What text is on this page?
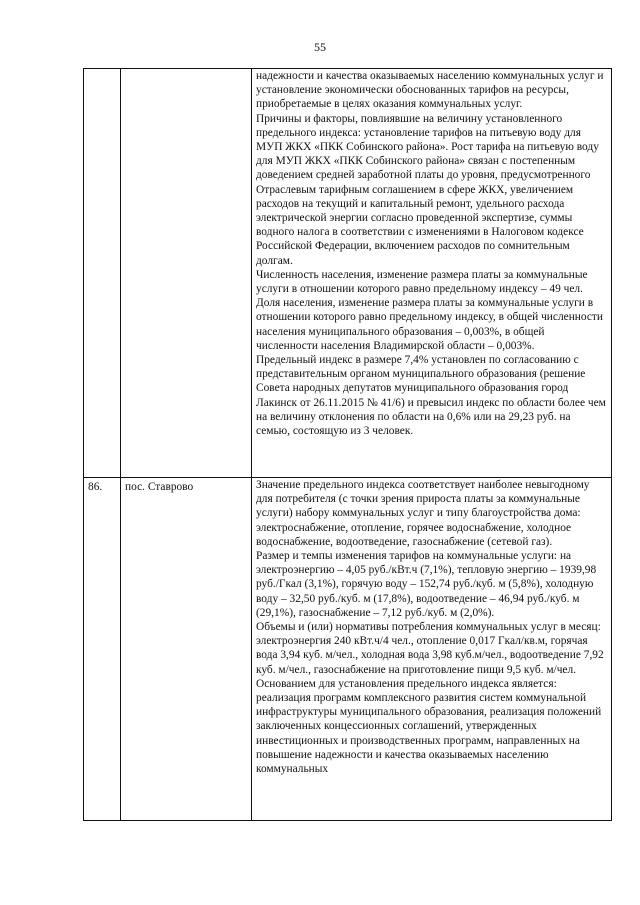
55

		надежности и качества оказываемых населению коммунальных услуг и установление экономически обоснованных тарифов на ресурсы, приобретаемые в целях оказания коммунальных услуг.

Причины и факторы, повлиявшие на величину установленного предельного индекса: установление тарифов на питьевую воду для МУП ЖКХ «ПКК Собинского района». Рост тарифа на питьевую воду для МУП ЖКХ «ПКК Собинского района» связан с постепенным доведением средней заработной платы до уровня, предусмотренного Отраслевым тарифным соглашением в сфере ЖКХ, увеличением расходов на текущий и капитальный ремонт, удельного расхода электрической энергии согласно проведенной экспертизе, суммы водного налога в соответствии с изменениями в Налоговом кодексе Российской Федерации, включением расходов по сомнительным долгам.

Численность населения, изменение размера платы за коммунальные услуги в отношении которого равно предельному индексу – 49 чел.

Доля населения, изменение размера платы за коммунальные услуги в отношении которого равно предельному индексу, в общей численности населения муниципального образования – 0,003%, в общей численности населения Владимирской области – 0,003%.

Предельный индекс в размере 7,4% установлен по согласованию с представительным органом муниципального образования (решение Совета народных депутатов муниципального образования город Лакинск от 26.11.2015 № 41/6) и превысил индекс по области более чем на величину отклонения по области на 0,6% или на 29,23 руб. на семью, состоящую из 3 человек.

86.	пос. Ставрово	Значение предельного индекса соответствует наиболее невыгодному для потребителя (с точки зрения прироста платы за коммунальные услуги) набору коммунальных услуг и типу благоустройства дома: электроснабжение, отопление, горячее водоснабжение, холодное водоснабжение, водоотведение, газоснабжение (сетевой газ).

Размер и темпы изменения тарифов на коммунальные услуги: на электроэнергию – 4,05 руб./кВт.ч (7,1%), тепловую энергию – 1939,98 руб./Гкал (3,1%), горячую воду – 152,74 руб./куб. м (5,8%), холодную воду – 32,50 руб./куб. м (17,8%), водоотведение – 46,94 руб./куб. м (29,1%), газоснабжение – 7,12 руб./куб. м (2,0%).

Объемы и (или) нормативы потребления коммунальных услуг в месяц: электроэнергия 240 кВт.ч/4 чел., отопление 0,017 Гкал/кв.м, горячая вода 3,94 куб. м/чел., холодная вода 3,98 куб.м/чел., водоотведение 7,92 куб. м/чел., газоснабжение на приготовление пищи 9,5 куб. м/чел.

Основанием для установления предельного индекса является: реализация программ комплексного развития систем коммунальной инфраструктуры муниципального образования, реализация положений заключенных концессионных соглашений, утвержденных инвестиционных и производственных программ, направленных на повышение надежности и качества оказываемых населению коммунальных
